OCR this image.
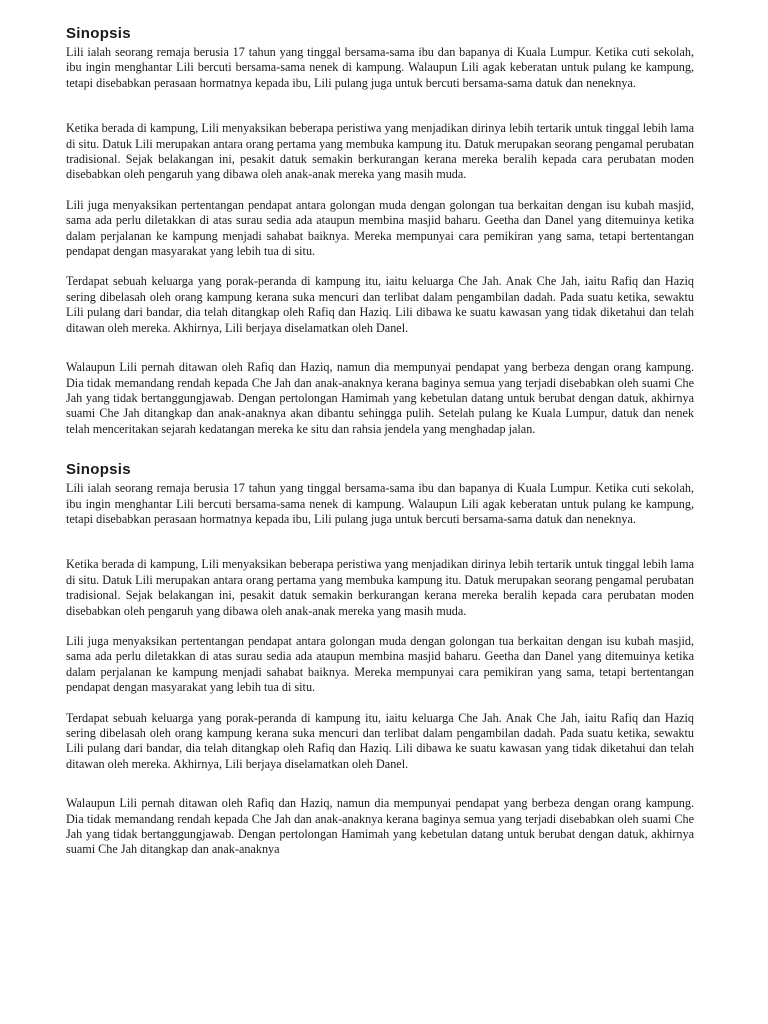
Sinopsis

Lili ialah seorang remaja berusia 17 tahun yang tinggal bersama-sama ibu dan bapanya di Kuala Lumpur. Ketika cuti sekolah, ibu ingin menghantar Lili bercuti bersama-sama nenek di kampung. Walaupun Lili agak keberatan untuk pulang ke kampung, tetapi disebabkan perasaan hormatnya kepada ibu, Lili pulang juga untuk bercuti bersama-sama datuk dan neneknya.

Ketika berada di kampung, Lili menyaksikan beberapa peristiwa yang menjadikan dirinya lebih tertarik untuk tinggal lebih lama di situ. Datuk Lili merupakan antara orang pertama yang membuka kampung itu. Datuk merupakan seorang pengamal perubatan tradisional. Sejak belakangan ini, pesakit datuk semakin berkurangan kerana mereka beralih kepada cara perubatan moden disebabkan oleh pengaruh yang dibawa oleh anak-anak mereka yang masih muda.

Lili juga menyaksikan pertentangan pendapat antara golongan muda dengan golongan tua berkaitan dengan isu kubah masjid, sama ada perlu diletakkan di atas surau sedia ada ataupun membina masjid baharu. Geetha dan Danel yang ditemuinya ketika dalam perjalanan ke kampung menjadi sahabat baiknya. Mereka mempunyai cara pemikiran yang sama, tetapi bertentangan pendapat dengan masyarakat yang lebih tua di situ.

Terdapat sebuah keluarga yang porak-peranda di kampung itu, iaitu keluarga Che Jah. Anak Che Jah, iaitu Rafiq dan Haziq sering dibelasah oleh orang kampung kerana suka mencuri dan terlibat dalam pengambilan dadah. Pada suatu ketika, sewaktu Lili pulang dari bandar, dia telah ditangkap oleh Rafiq dan Haziq. Lili dibawa ke suatu kawasan yang tidak diketahui dan telah ditawan oleh mereka. Akhirnya, Lili berjaya diselamatkan oleh Danel.

Walaupun Lili pernah ditawan oleh Rafiq dan Haziq, namun dia mempunyai pendapat yang berbeza dengan orang kampung. Dia tidak memandang rendah kepada Che Jah dan anak-anaknya kerana baginya semua yang terjadi disebabkan oleh suami Che Jah yang tidak bertanggungjawab. Dengan pertolongan Hamimah yang kebetulan datang untuk berubat dengan datuk, akhirnya suami Che Jah ditangkap dan anak-anaknya akan dibantu sehingga pulih. Setelah pulang ke Kuala Lumpur, datuk dan nenek telah menceritakan sejarah kedatangan mereka ke situ dan rahsia jendela yang menghadap jalan.

Sinopsis

Lili ialah seorang remaja berusia 17 tahun yang tinggal bersama-sama ibu dan bapanya di Kuala Lumpur. Ketika cuti sekolah, ibu ingin menghantar Lili bercuti bersama-sama nenek di kampung. Walaupun Lili agak keberatan untuk pulang ke kampung, tetapi disebabkan perasaan hormatnya kepada ibu, Lili pulang juga untuk bercuti bersama-sama datuk dan neneknya.

Ketika berada di kampung, Lili menyaksikan beberapa peristiwa yang menjadikan dirinya lebih tertarik untuk tinggal lebih lama di situ. Datuk Lili merupakan antara orang pertama yang membuka kampung itu. Datuk merupakan seorang pengamal perubatan tradisional. Sejak belakangan ini, pesakit datuk semakin berkurangan kerana mereka beralih kepada cara perubatan moden disebabkan oleh pengaruh yang dibawa oleh anak-anak mereka yang masih muda.

Lili juga menyaksikan pertentangan pendapat antara golongan muda dengan golongan tua berkaitan dengan isu kubah masjid, sama ada perlu diletakkan di atas surau sedia ada ataupun membina masjid baharu. Geetha dan Danel yang ditemuinya ketika dalam perjalanan ke kampung menjadi sahabat baiknya. Mereka mempunyai cara pemikiran yang sama, tetapi bertentangan pendapat dengan masyarakat yang lebih tua di situ.

Terdapat sebuah keluarga yang porak-peranda di kampung itu, iaitu keluarga Che Jah. Anak Che Jah, iaitu Rafiq dan Haziq sering dibelasah oleh orang kampung kerana suka mencuri dan terlibat dalam pengambilan dadah. Pada suatu ketika, sewaktu Lili pulang dari bandar, dia telah ditangkap oleh Rafiq dan Haziq. Lili dibawa ke suatu kawasan yang tidak diketahui dan telah ditawan oleh mereka. Akhirnya, Lili berjaya diselamatkan oleh Danel.

Walaupun Lili pernah ditawan oleh Rafiq dan Haziq, namun dia mempunyai pendapat yang berbeza dengan orang kampung. Dia tidak memandang rendah kepada Che Jah dan anak-anaknya kerana baginya semua yang terjadi disebabkan oleh suami Che Jah yang tidak bertanggungjawab. Dengan pertolongan Hamimah yang kebetulan datang untuk berubat dengan datuk, akhirnya suami Che Jah ditangkap dan anak-anaknya
